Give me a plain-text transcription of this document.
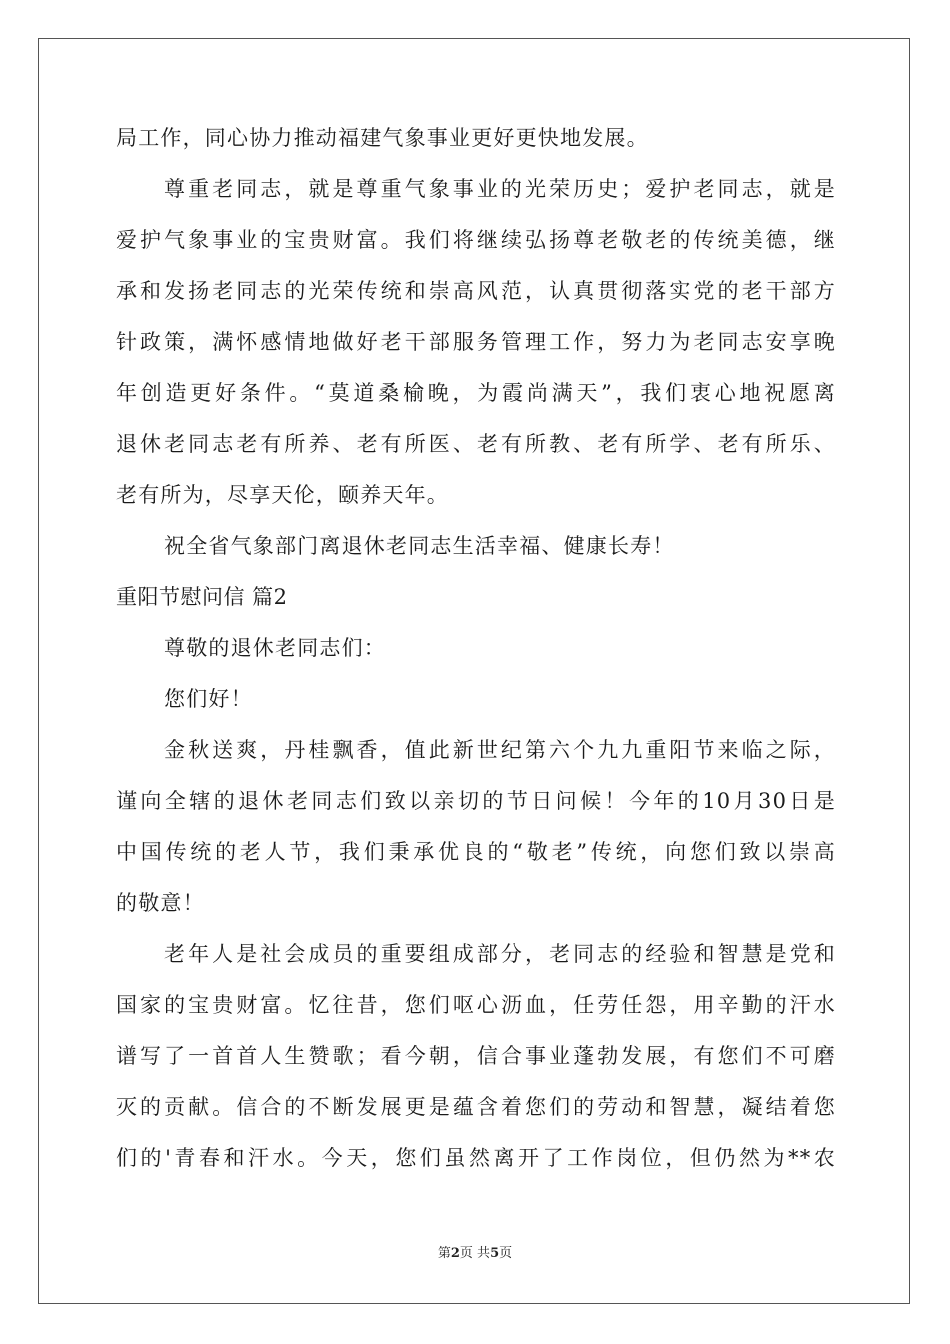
局工作，同心协力推动福建气象事业更好更快地发展。

尊重老同志，就是尊重气象事业的光荣历史；爱护老同志，就是

爱护气象事业的宝贵财富。我们将继续弘扬尊老敬老的传统美德，继

承和发扬老同志的光荣传统和崇高风范，认真贯彻落实党的老干部方

针政策，满怀感情地做好老干部服务管理工作，努力为老同志安享晚

年创造更好条件。“莫道桑榆晚，为霞尚满天”，我们衷心地祝愿离

退休老同志老有所养、老有所医、老有所教、老有所学、老有所乐、

老有所为，尽享天伦，颐养天年。

祝全省气象部门离退休老同志生活幸福、健康长寿！

重阳节慰问信 篇2

尊敬的退休老同志们：

您们好！

金秋送爽，丹桂飘香，值此新世纪第六个九九重阳节来临之际，

谨向全辖的退休老同志们致以亲切的节日问候！今年的10月30日是

中国传统的老人节，我们秉承优良的“敬老”传统，向您们致以崇高

的敬意！

老年人是社会成员的重要组成部分，老同志的经验和智慧是党和

国家的宝贵财富。忆往昔，您们呕心沥血，任劳任怨，用辛勤的汗水

谱写了一首首人生赞歌；看今朝，信合事业蓬勃发展，有您们不可磨

灭的贡献。信合的不断发展更是蕴含着您们的劳动和智慧，凝结着您

们的'青春和汗水。今天，您们虽然离开了工作岗位，但仍然为**农

第2页 共5页
